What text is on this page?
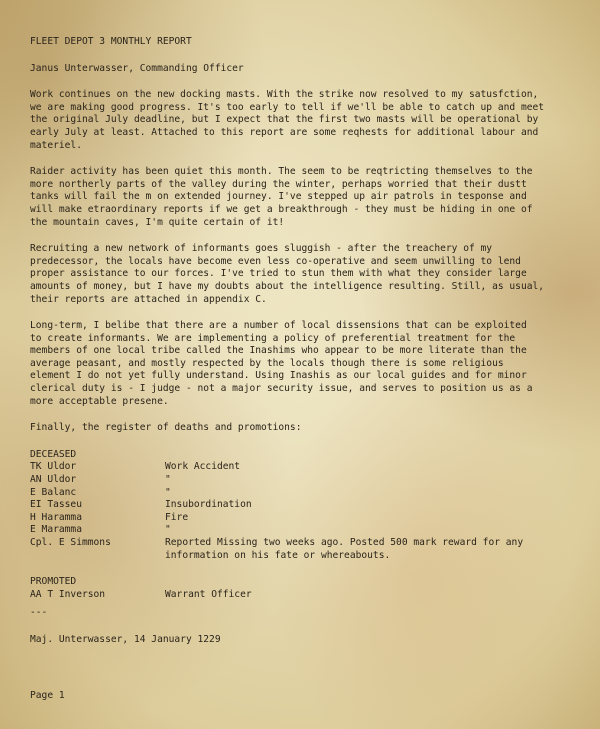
FLEET DEPOT 3 MONTHLY REPORT

Janus Unterwasser, Commanding Officer

Work continues on the new docking masts. With the strike now resolved to my satusfction,

we are making good progress. It's too early to tell if we'll be able to catch up and meet

the original July deadline, but I expect that the first two masts will be operational by

early July at least. Attached to this report are some reqhests for additional labour and

materiel.

Raider activity has been quiet this month. The seem to be reqtricting themselves to the

more northerly parts of the valley during the winter, perhaps worried that their dustt

tanks will fail the m on extended journey. I've stepped up air patrols in tesponse and

will make etraordinary reports if we get a breakthrough - they must be hiding in one of

the mountain caves, I'm quite certain of it!

Recruiting a new network of informants goes sluggish - after the treachery of my

predecessor, the locals have become even less co-operative and seem unwilling to lend

proper assistance to our forces. I've tried to stun them with what they consider large

amounts of money, but I have my doubts about the intelligence resulting. Still, as usual,

their reports are attached in appendix C.

Long-term, I belibe that there are a number of local dissensions that can be exploited

to create informants. We are implementing a policy of preferential treatment for the

members of one local tribe called the Inashims who appear to be more literate than the

average peasant, and mostly respected by the locals though there is some religious

element I do not yet fully understand. Using Inashis as our local guides and for minor

clerical duty is - I judge - not a major security issue, and serves to position us as a

more acceptable presene.

Finally, the register of deaths and promotions:

DECEASED

TK Uldor	Work Accident
AN Uldor	"
E Balanc	"
EI Tasseu	Insubordination
H Haramma	Fire
E Maramma	"
Cpl. E Simmons	Reported Missing two weeks ago. Posted 500 mark reward for any
information on his fate or whereabouts.

PROMOTED

AA T Inverson	Warrant Officer

---

Maj. Unterwasser, 14 January 1229

Page 1
